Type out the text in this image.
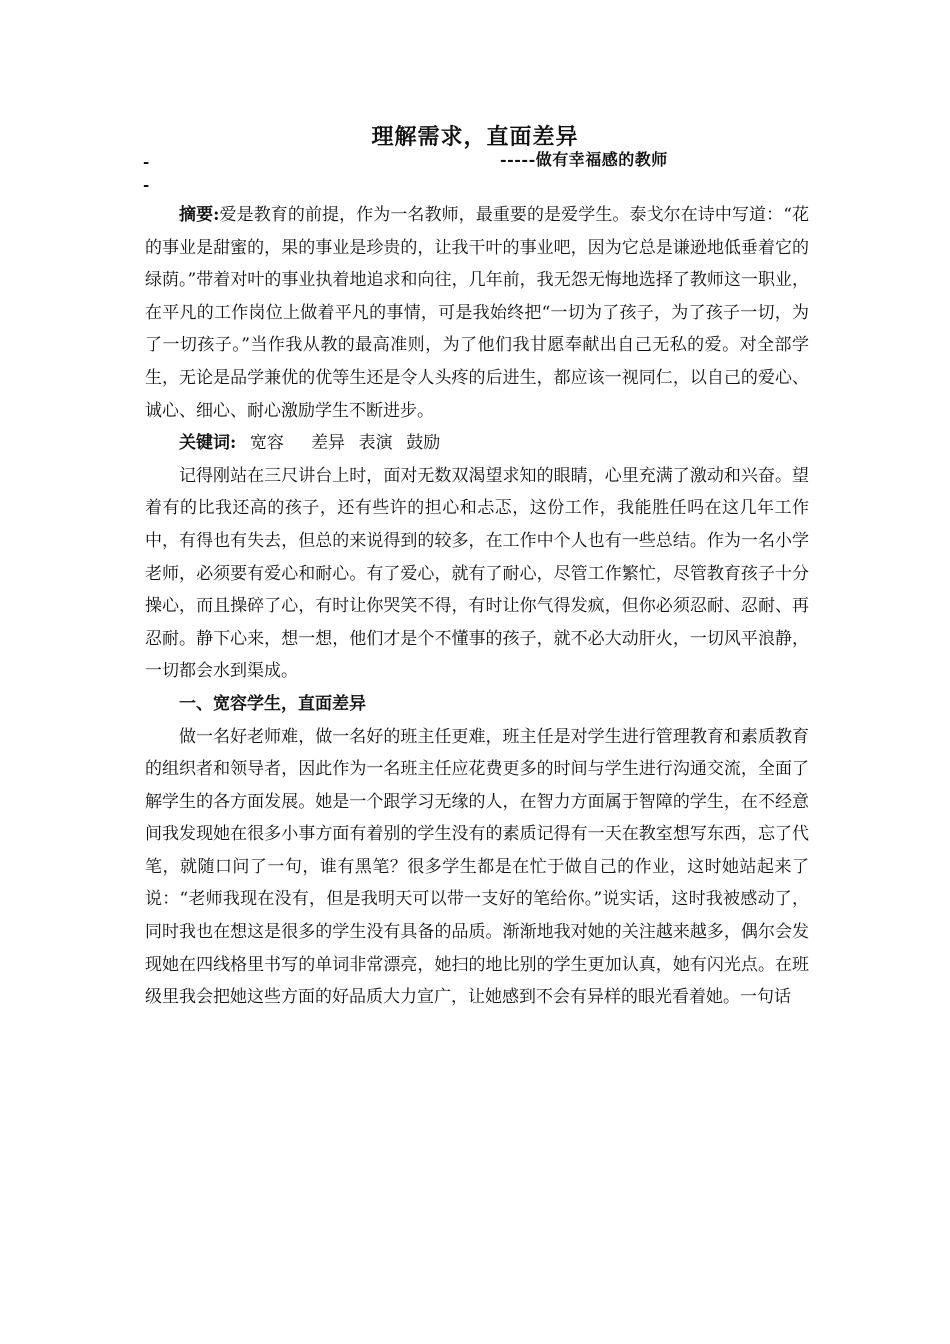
理解需求，直面差异
-	-----做有幸福感的教师
-

摘要:爱是教育的前提，作为一名教师，最重要的是爱学生。泰戈尔在诗中写道：“花的事业是甜蜜的，果的事业是珍贵的，让我干叶的事业吧，因为它总是谦逊地低垂着它的绿荫。”带着对叶的事业执着地追求和向往，几年前，我无怨无悔地选择了教师这一职业，在平凡的工作岗位上做着平凡的事情，可是我始终把“一切为了孩子，为了孩子一切，为了一切孩子。”当作我从教的最高准则，为了他们我甘愿奉献出自己无私的爱。对全部学生，无论是品学兼优的优等生还是令人头疼的后进生，都应该一视同仁，以自己的爱心、诚心、细心、耐心激励学生不断进步。

关键词: 宽容 差异 表演 鼓励

记得刚站在三尺讲台上时，面对无数双渴望求知的眼睛，心里充满了激动和兴奋。望着有的比我还高的孩子，还有些许的担心和忐忑，这份工作，我能胜任吗在这几年工作中，有得也有失去，但总的来说得到的较多，在工作中个人也有一些总结。作为一名小学老师，必须要有爱心和耐心。有了爱心，就有了耐心，尽管工作繁忙，尽管教育孩子十分操心，而且操碎了心，有时让你哭笑不得，有时让你气得发疯，但你必须忍耐、忍耐、再忍耐。静下心来，想一想，他们才是个不懂事的孩子，就不必大动肝火，一切风平浪静，一切都会水到渠成。

一、宽容学生，直面差异

做一名好老师难，做一名好的班主任更难，班主任是对学生进行管理教育和素质教育的组织者和领导者，因此作为一名班主任应花费更多的时间与学生进行沟通交流，全面了解学生的各方面发展。她是一个跟学习无缘的人，在智力方面属于智障的学生，在不经意间我发现她在很多小事方面有着别的学生没有的素质记得有一天在教室想写东西，忘了代笔，就随口问了一句，谁有黑笔？很多学生都是在忙于做自己的作业，这时她站起来了说：“老师我现在没有，但是我明天可以带一支好的笔给你。”说实话，这时我被感动了，同时我也在想这是很多的学生没有具备的品质。渐渐地我对她的关注越来越多，偶尔会发现她在四线格里书写的单词非常漂亮，她扫的地比别的学生更加认真，她有闪光点。在班级里我会把她这些方面的好品质大力宣广，让她感到不会有异样的眼光看着她。一句话
